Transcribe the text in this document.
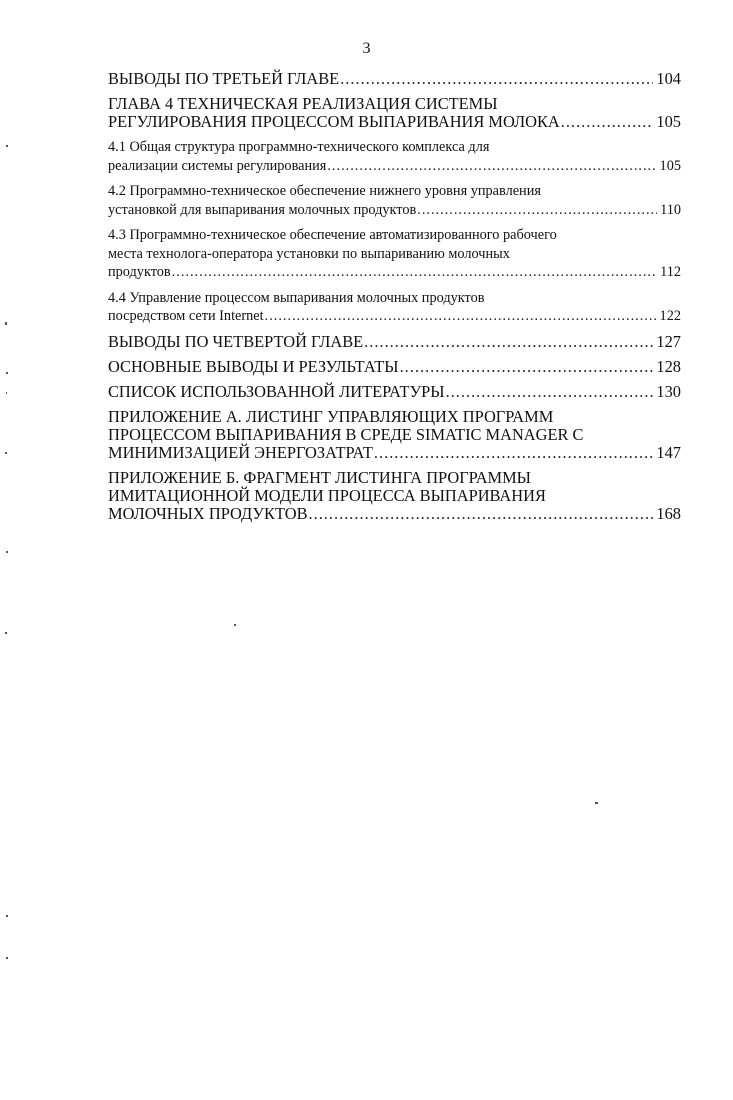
3
ВЫВОДЫ ПО ТРЕТЬЕЙ ГЛАВЕ .....	104
ГЛАВА 4 ТЕХНИЧЕСКАЯ РЕАЛИЗАЦИЯ СИСТЕМЫ
РЕГУЛИРОВАНИЯ ПРОЦЕССОМ ВЫПАРИВАНИЯ МОЛОКА .....	105
4.1 Общая структура программно-технического комплекса для
реализации системы регулирования .....	105
4.2 Программно-техническое обеспечение нижнего уровня управления
установкой для выпаривания молочных продуктов .....	110
4.3 Программно-техническое обеспечение автоматизированного рабочего
места технолога-оператора установки по выпариванию молочных
продуктов .....	112
4.4 Управление процессом выпаривания молочных продуктов
посредством сети Internet .....	122
ВЫВОДЫ ПО ЧЕТВЕРТОЙ ГЛАВЕ .....	127
ОСНОВНЫЕ ВЫВОДЫ И РЕЗУЛЬТАТЫ .....	128
СПИСОК ИСПОЛЬЗОВАННОЙ ЛИТЕРАТУРЫ .....	130
ПРИЛОЖЕНИЕ А. ЛИСТИНГ УПРАВЛЯЮЩИХ ПРОГРАММ
ПРОЦЕССОМ ВЫПАРИВАНИЯ В СРЕДЕ SIMATIC MANAGER С
МИНИМИЗАЦИЕЙ ЭНЕРГОЗАТРАТ .....	147
ПРИЛОЖЕНИЕ Б. ФРАГМЕНТ ЛИСТИНГА ПРОГРАММЫ
ИМИТАЦИОННОЙ МОДЕЛИ ПРОЦЕССА ВЫПАРИВАНИЯ
МОЛОЧНЫХ ПРОДУКТОВ .....	168
